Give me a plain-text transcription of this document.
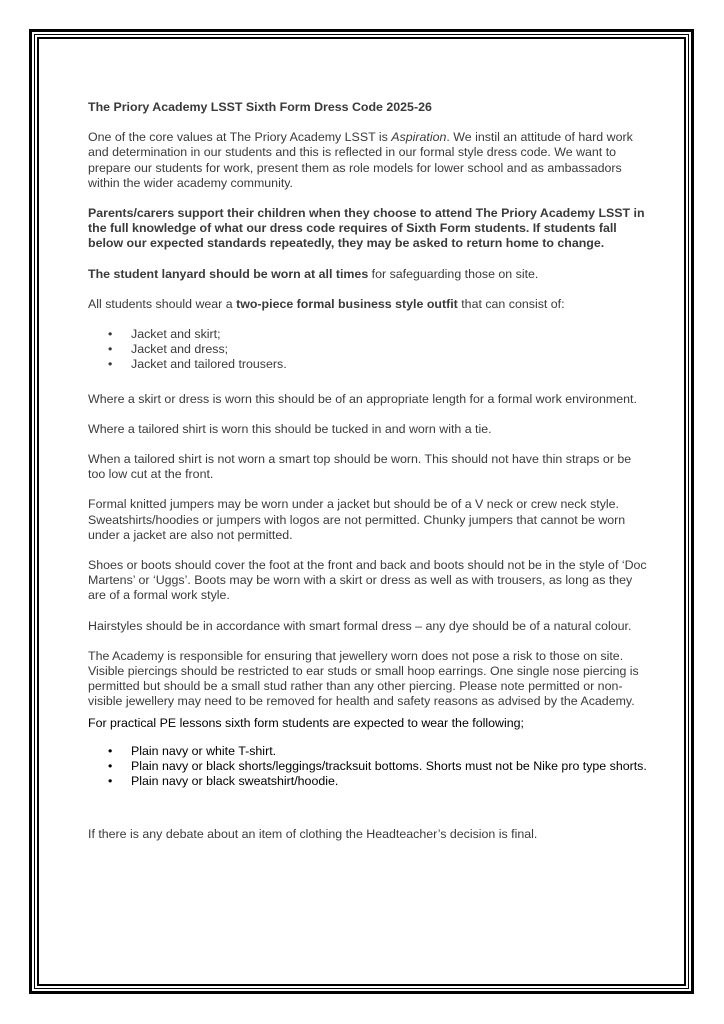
The Priory Academy LSST Sixth Form Dress Code 2025-26

One of the core values at The Priory Academy LSST is Aspiration. We instil an attitude of hard work and determination in our students and this is reflected in our formal style dress code. We want to prepare our students for work, present them as role models for lower school and as ambassadors within the wider academy community.

Parents/carers support their children when they choose to attend The Priory Academy LSST in the full knowledge of what our dress code requires of Sixth Form students. If students fall below our expected standards repeatedly, they may be asked to return home to change.

The student lanyard should be worn at all times for safeguarding those on site.

All students should wear a two-piece formal business style outfit that can consist of:

• Jacket and skirt;
• Jacket and dress;
• Jacket and tailored trousers.

Where a skirt or dress is worn this should be of an appropriate length for a formal work environment.

Where a tailored shirt is worn this should be tucked in and worn with a tie.

When a tailored shirt is not worn a smart top should be worn. This should not have thin straps or be too low cut at the front.

Formal knitted jumpers may be worn under a jacket but should be of a V neck or crew neck style. Sweatshirts/hoodies or jumpers with logos are not permitted. Chunky jumpers that cannot be worn under a jacket are also not permitted.

Shoes or boots should cover the foot at the front and back and boots should not be in the style of ‘Doc Martens’ or ‘Uggs’. Boots may be worn with a skirt or dress as well as with trousers, as long as they are of a formal work style.

Hairstyles should be in accordance with smart formal dress – any dye should be of a natural colour.

The Academy is responsible for ensuring that jewellery worn does not pose a risk to those on site. Visible piercings should be restricted to ear studs or small hoop earrings. One single nose piercing is permitted but should be a small stud rather than any other piercing. Please note permitted or non-visible jewellery may need to be removed for health and safety reasons as advised by the Academy.

For practical PE lessons sixth form students are expected to wear the following;

• Plain navy or white T-shirt.
• Plain navy or black shorts/leggings/tracksuit bottoms. Shorts must not be Nike pro type shorts.
• Plain navy or black sweatshirt/hoodie.

If there is any debate about an item of clothing the Headteacher’s decision is final.
